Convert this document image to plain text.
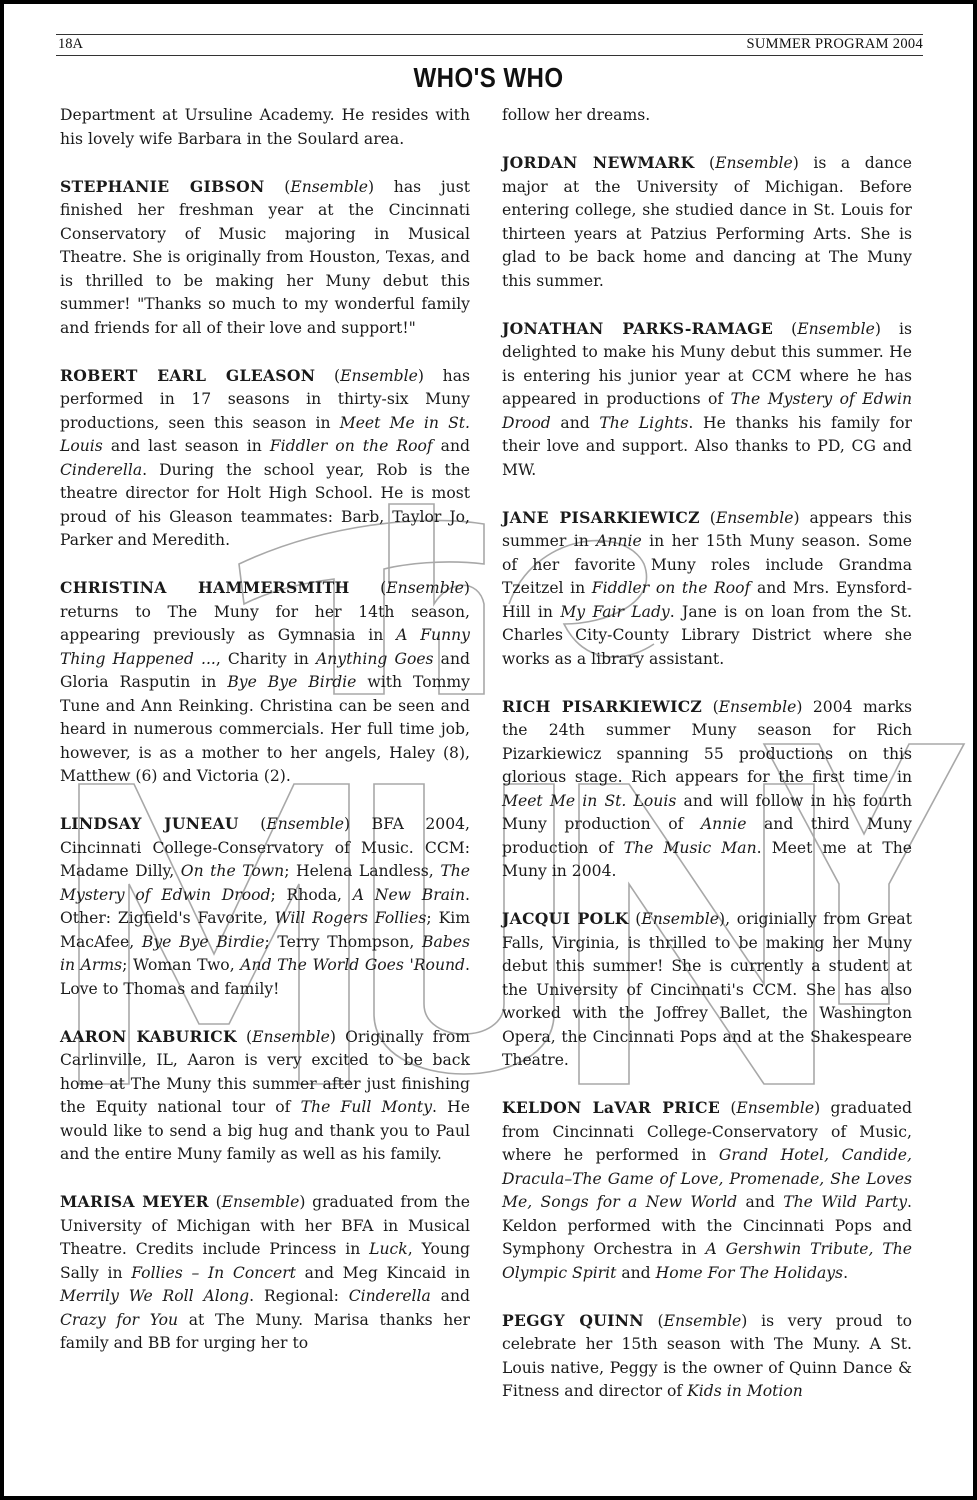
18A	SUMMER PROGRAM 2004
WHO'S WHO

Department at Ursuline Academy. He resides with his lovely wife Barbara in the Soulard area.

STEPHANIE GIBSON (Ensemble) has just finished her freshman year at the Cincinnati Conservatory of Music majoring in Musical Theatre. She is originally from Houston, Texas, and is thrilled to be making her Muny debut this summer! "Thanks so much to my wonderful family and friends for all of their love and support!"

ROBERT EARL GLEASON (Ensemble) has performed in 17 seasons in thirty-six Muny productions, seen this season in Meet Me in St. Louis and last season in Fiddler on the Roof and Cinderella. During the school year, Rob is the theatre director for Holt High School. He is most proud of his Gleason teammates: Barb, Taylor Jo, Parker and Meredith.

CHRISTINA HAMMERSMITH (Ensemble) returns to The Muny for her 14th season, appearing previously as Gymnasia in A Funny Thing Happened ..., Charity in Anything Goes and Gloria Rasputin in Bye Bye Birdie with Tommy Tune and Ann Reinking. Christina can be seen and heard in numerous commercials. Her full time job, however, is as a mother to her angels, Haley (8), Matthew (6) and Victoria (2).

LINDSAY JUNEAU (Ensemble) BFA 2004, Cincinnati College-Conservatory of Music. CCM: Madame Dilly, On the Town; Helena Landless, The Mystery of Edwin Drood; Rhoda, A New Brain. Other: Zigfield's Favorite, Will Rogers Follies; Kim MacAfee, Bye Bye Birdie; Terry Thompson, Babes in Arms; Woman Two, And The World Goes 'Round. Love to Thomas and family!

AARON KABURICK (Ensemble) Originally from Carlinville, IL, Aaron is very excited to be back home at The Muny this summer after just finishing the Equity national tour of The Full Monty. He would like to send a big hug and thank you to Paul and the entire Muny family as well as his family.

MARISA MEYER (Ensemble) graduated from the University of Michigan with her BFA in Musical Theatre. Credits include Princess in Luck, Young Sally in Follies – In Concert and Meg Kincaid in Merrily We Roll Along. Regional: Cinderella and Crazy for You at The Muny. Marisa thanks her family and BB for urging her to

follow her dreams.

JORDAN NEWMARK (Ensemble) is a dance major at the University of Michigan. Before entering college, she studied dance in St. Louis for thirteen years at Patzius Performing Arts. She is glad to be back home and dancing at The Muny this summer.

JONATHAN PARKS-RAMAGE (Ensemble) is delighted to make his Muny debut this summer. He is entering his junior year at CCM where he has appeared in productions of The Mystery of Edwin Drood and The Lights. He thanks his family for their love and support. Also thanks to PD, CG and MW.

JANE PISARKIEWICZ (Ensemble) appears this summer in Annie in her 15th Muny season. Some of her favorite Muny roles include Grandma Tzeitzel in Fiddler on the Roof and Mrs. Eynsford-Hill in My Fair Lady. Jane is on loan from the St. Charles City-County Library District where she works as a library assistant.

RICH PISARKIEWICZ (Ensemble) 2004 marks the 24th summer Muny season for Rich Pizarkiewicz spanning 55 productions on this glorious stage. Rich appears for the first time in Meet Me in St. Louis and will follow in his fourth Muny production of Annie and third Muny production of The Music Man. Meet me at The Muny in 2004.

JACQUI POLK (Ensemble), originially from Great Falls, Virginia, is thrilled to be making her Muny debut this summer! She is currently a student at the University of Cincinnati's CCM. She has also worked with the Joffrey Ballet, the Washington Opera, the Cincinnati Pops and at the Shakespeare Theatre.

KELDON LaVAR PRICE (Ensemble) graduated from Cincinnati College-Conservatory of Music, where he performed in Grand Hotel, Candide, Dracula–The Game of Love, Promenade, She Loves Me, Songs for a New World and The Wild Party. Keldon performed with the Cincinnati Pops and Symphony Orchestra in A Gershwin Tribute, The Olympic Spirit and Home For The Holidays.

PEGGY QUINN (Ensemble) is very proud to celebrate her 15th season with The Muny. A St. Louis native, Peggy is the owner of Quinn Dance & Fitness and director of Kids in Motion
